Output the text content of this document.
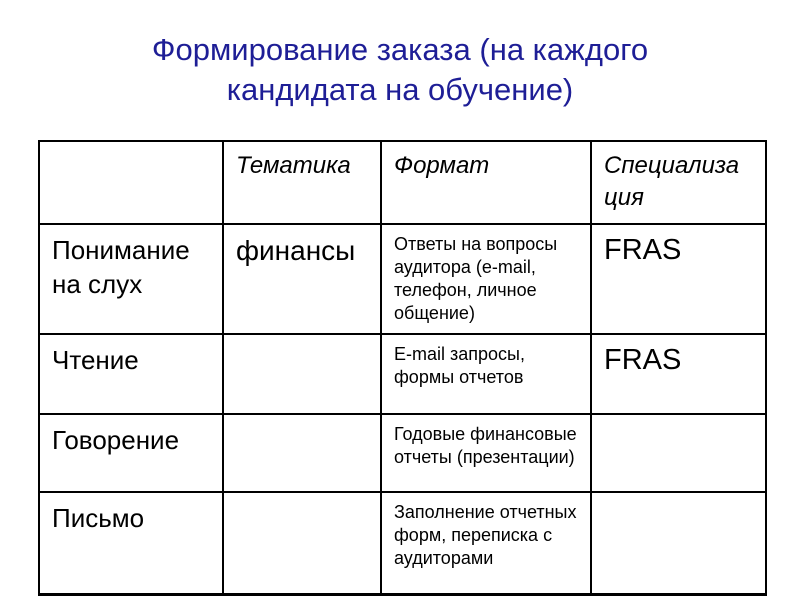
Формирование заказа (на каждого кандидата на обучение)
	Тематика	Формат	Специализация
Понимание на слух	финансы	Ответы на вопросы аудитора (e-mail, телефон, личное общение)	FRAS
Чтение		E-mail запросы, формы отчетов	FRAS
Говорение		Годовые финансовые отчеты (презентации)	
Письмо		Заполнение отчетных форм, переписка с аудиторами	
